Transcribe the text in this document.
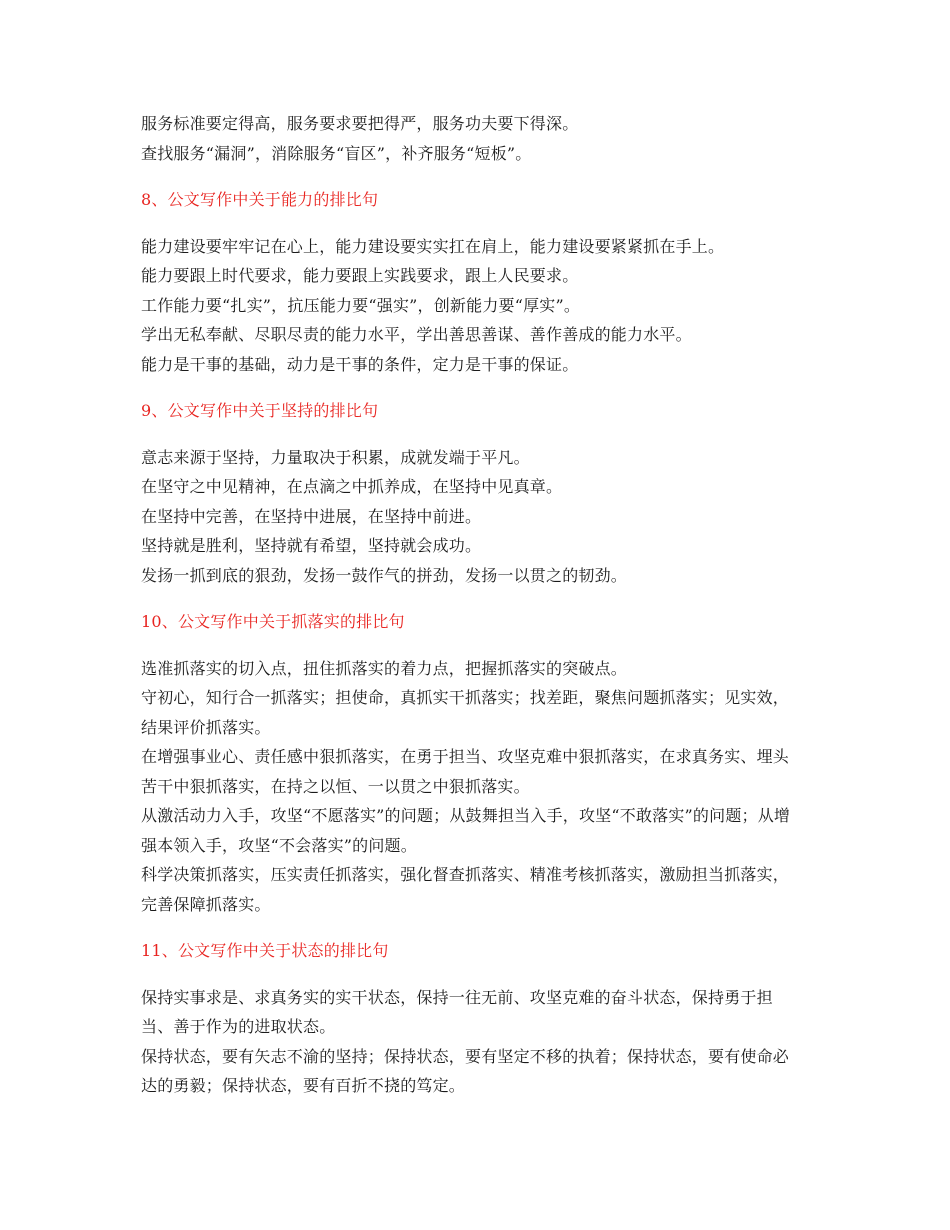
服务标准要定得高，服务要求要把得严，服务功夫要下得深。

查找服务“漏洞”，消除服务“盲区”，补齐服务“短板”。

8、公文写作中关于能力的排比句

能力建设要牢牢记在心上，能力建设要实实扛在肩上，能力建设要紧紧抓在手上。

能力要跟上时代要求，能力要跟上实践要求，跟上人民要求。

工作能力要“扎实”，抗压能力要“强实”，创新能力要“厚实”。

学出无私奉献、尽职尽责的能力水平，学出善思善谋、善作善成的能力水平。

能力是干事的基础，动力是干事的条件，定力是干事的保证。

9、公文写作中关于坚持的排比句

意志来源于坚持，力量取决于积累，成就发端于平凡。

在坚守之中见精神，在点滴之中抓养成，在坚持中见真章。

在坚持中完善，在坚持中进展，在坚持中前进。

坚持就是胜利，坚持就有希望，坚持就会成功。

发扬一抓到底的狠劲，发扬一鼓作气的拼劲，发扬一以贯之的韧劲。

10、公文写作中关于抓落实的排比句

选准抓落实的切入点，扭住抓落实的着力点，把握抓落实的突破点。

守初心，知行合一抓落实；担使命，真抓实干抓落实；找差距，聚焦问题抓落实；见实效，结果评价抓落实。

在增强事业心、责任感中狠抓落实，在勇于担当、攻坚克难中狠抓落实，在求真务实、埋头苦干中狠抓落实，在持之以恒、一以贯之中狠抓落实。

从激活动力入手，攻坚“不愿落实”的问题；从鼓舞担当入手，攻坚“不敢落实”的问题；从增强本领入手，攻坚“不会落实”的问题。

科学决策抓落实，压实责任抓落实，强化督查抓落实、精准考核抓落实，激励担当抓落实，完善保障抓落实。

11、公文写作中关于状态的排比句

保持实事求是、求真务实的实干状态，保持一往无前、攻坚克难的奋斗状态，保持勇于担当、善于作为的进取状态。

保持状态，要有矢志不渝的坚持；保持状态，要有坚定不移的执着；保持状态，要有使命必达的勇毅；保持状态，要有百折不挠的笃定。
